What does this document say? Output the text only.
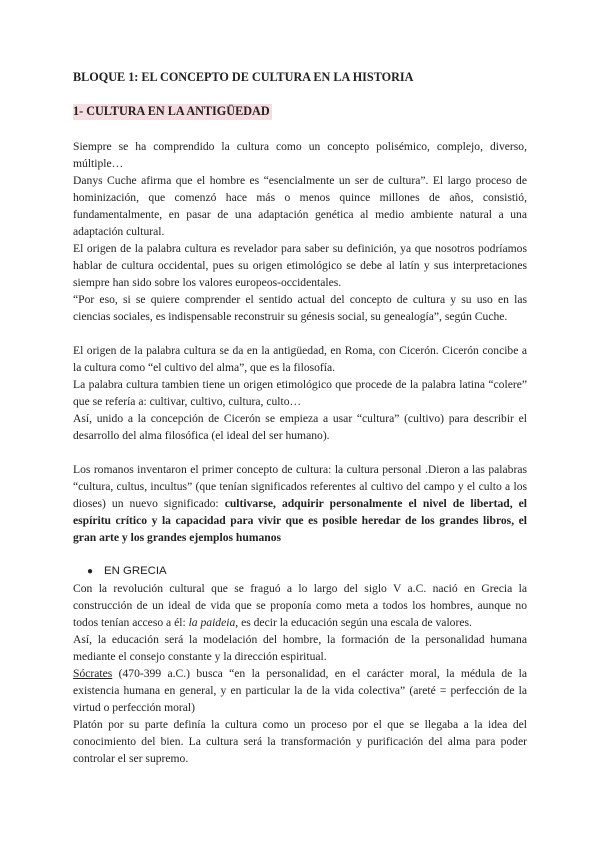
BLOQUE 1: EL CONCEPTO DE CULTURA EN LA HISTORIA
1- CULTURA EN LA ANTIGÜEDAD

Siempre se ha comprendido la cultura como un concepto polisémico, complejo, diverso, múltiple…

Danys Cuche afirma que el hombre es “esencialmente un ser de cultura”. El largo proceso de hominización, que comenzó hace más o menos quince millones de años, consistió, fundamentalmente, en pasar de una adaptación genética al medio ambiente natural a una adaptación cultural.

El origen de la palabra cultura es revelador para saber su definición, ya que nosotros podríamos hablar de cultura occidental, pues su origen etimológico se debe al latín y sus interpretaciones siempre han sido sobre los valores europeos-occidentales.

“Por eso, si se quiere comprender el sentido actual del concepto de cultura y su uso en las ciencias sociales, es indispensable reconstruir su génesis social, su genealogía”, según Cuche.

El origen de la palabra cultura se da en la antigüedad, en Roma, con Cicerón. Cicerón concibe a la cultura como “el cultivo del alma”, que es la filosofía.

La palabra cultura tambien tiene un origen etimológico que procede de la palabra latina “colere” que se refería a: cultivar, cultivo, cultura, culto…

Así, unido a la concepción de Cicerón se empieza a usar “cultura” (cultivo) para describir el desarrollo del alma filosófica (el ideal del ser humano).

Los romanos inventaron el primer concepto de cultura: la cultura personal .Dieron a las palabras “cultura, cultus, incultus” (que tenían significados referentes al cultivo del campo y el culto a los dioses) un nuevo significado: cultivarse, adquirir personalmente el nivel de libertad, el espíritu crítico y la capacidad para vivir que es posible heredar de los grandes libros, el gran arte y los grandes ejemplos humanos

● EN GRECIA

Con la revolución cultural que se fraguó a lo largo del siglo V a.C. nació en Grecia la construcción de un ideal de vida que se proponía como meta a todos los hombres, aunque no todos tenían acceso a él: la paideia, es decir la educación según una escala de valores.

Así, la educación será la modelación del hombre, la formación de la personalidad humana mediante el consejo constante y la dirección espiritual.

Sócrates (470-399 a.C.) busca “en la personalidad, en el carácter moral, la médula de la existencia humana en general, y en particular la de la vida colectiva” (areté = perfección de la virtud o perfección moral)

Platón por su parte definía la cultura como un proceso por el que se llegaba a la idea del conocimiento del bien. La cultura será la transformación y purificación del alma para poder controlar el ser supremo.
